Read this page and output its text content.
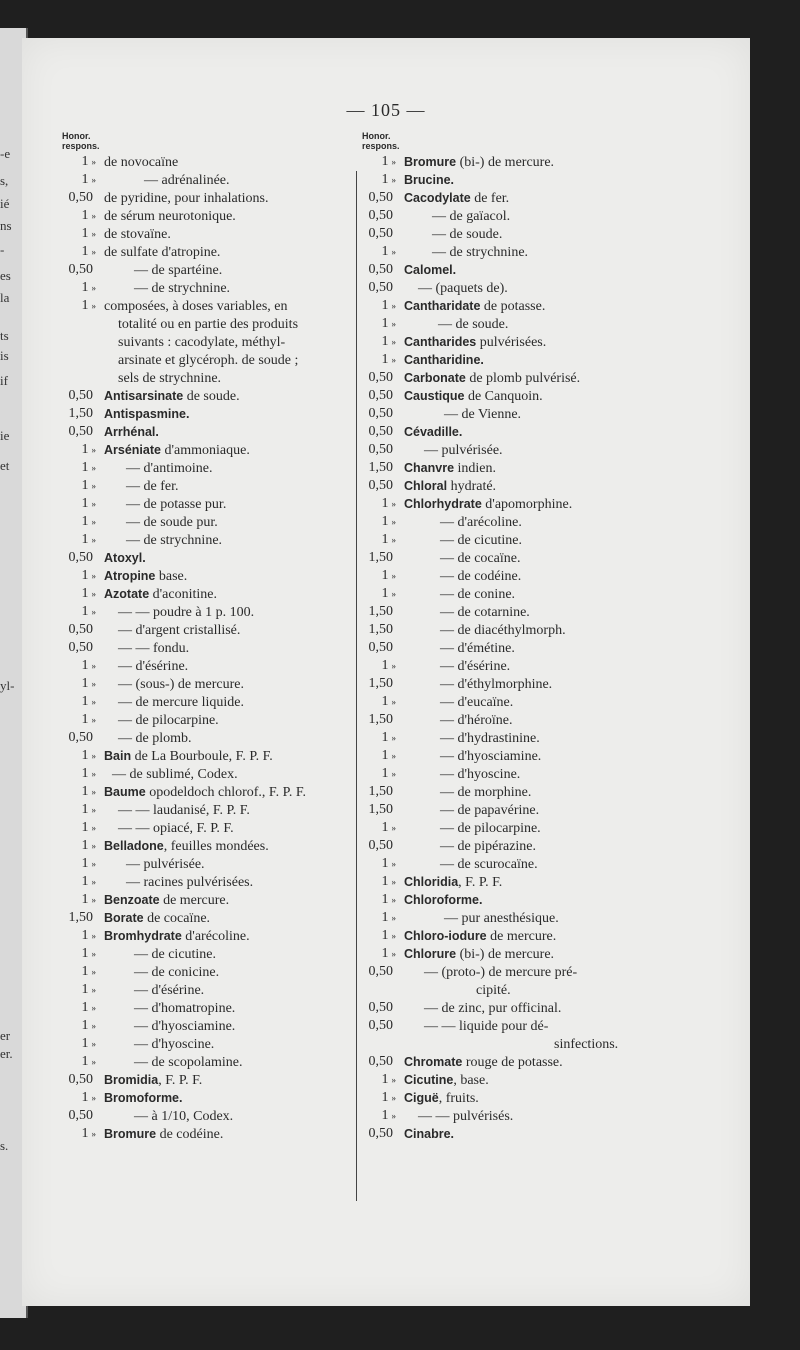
-e
s,
ié
ns
-
es
la
ts
is
if
ie
et
yl-
er
er.
s.
— 105 —
Honor.
respons.
1 » de novocaïne
1 »	— adrénalinée.
0,50 de pyridine, pour inhalations.
1 » de sérum neurotonique.
1 » de stovaïne.
1 » de sulfate d'atropine.
0,50	— de spartéine.
1 »	— de strychnine.
1 » composées, à doses variables, en
totalité ou en partie des produits
suivants : cacodylate, méthyl-
arsinate et glycéroph. de soude ;
sels de strychnine.
0,50 Antisarsinate de soude.
1,50 Antispasmine.
0,50 Arrhénal.
1 » Arséniate d'ammoniaque.
1 » — d'antimoine.
1 » — de fer.
1 » — de potasse pur.
1 » — de soude pur.
1 » — de strychnine.
0,50 Atoxyl.
1 » Atropine base.
1 » Azotate d'aconitine.
1 » — — poudre à 1 p. 100.
0,50	— d'argent cristallisé.
0,50	— — fondu.
1 » — d'ésérine.
1 » — (sous-) de mercure.
1 » — de mercure liquide.
1 » — de pilocarpine.
0,50	— de plomb.
1 » Bain de La Bourboule, F. P. F.
1 » — de sublimé, Codex.
1 » Baume opodeldoch chlorof., F. P. F.
1 » — — laudanisé, F. P. F.
1 » — — opiacé, F. P. F.
1 » Belladone, feuilles mondées.
1 » — pulvérisée.
1 » — racines pulvérisées.
1 » Benzoate de mercure.
1,50 Borate de cocaïne.
1 » Bromhydrate d'arécoline.
1 »	— de cicutine.
1 »	— de conicine.
1 »	— d'ésérine.
1 »	— d'homatropine.
1 »	— d'hyosciamine.
1 »	— d'hyoscine.
1 »	— de scopolamine.
0,50 Bromidia, F. P. F.
1 » Bromoforme.
0,50	— à 1/10, Codex.
1 » Bromure de codéine.
Honor.
respons.
1 » Bromure (bi-) de mercure.
1 » Brucine.
0,50 Cacodylate de fer.
0,50	— de gaïacol.
0,50	— de soude.
1 »	— de strychnine.
0,50 Calomel.
0,50	— (paquets de).
1 » Cantharidate de potasse.
1 »	— de soude.
1 » Cantharides pulvérisées.
1 » Cantharidine.
0,50 Carbonate de plomb pulvérisé.
0,50 Caustique de Canquoin.
0,50	— de Vienne.
0,50 Cévadille.
0,50	— pulvérisée.
1,50 Chanvre indien.
0,50 Chloral hydraté.
1 » Chlorhydrate d'apomorphine.
1 »	— d'arécoline.
1 »	— de cicutine.
1,50	— de cocaïne.
1 »	— de codéine.
1 »	— de conine.
1,50	— de cotarnine.
1,50	— de diacéthylmorph.
0,50	— d'émétine.
1 »	— d'ésérine.
1,50	— d'éthylmorphine.
1 »	— d'eucaïne.
1,50	— d'héroïne.
1 »	— d'hydrastinine.
1 »	— d'hyosciamine.
1 »	— d'hyoscine.
1,50	— de morphine.
1,50	— de papavérine.
1 »	— de pilocarpine.
0,50	— de pipérazine.
1 »	— de scurocaïne.
1 » Chloridia, F. P. F.
1 » Chloroforme.
1 »	— pur anesthésique.
1 » Chloro-iodure de mercure.
1 » Chlorure (bi-) de mercure.
0,50	— (proto-) de mercure pré-
cipité.
0,50	— de zinc, pur officinal.
0,50	— — liquide pour dé-
sinfections.
0,50 Chromate rouge de potasse.
1 » Cicutine, base.
1 » Ciguë, fruits.
1 » — — pulvérisés.
0,50 Cinabre.
